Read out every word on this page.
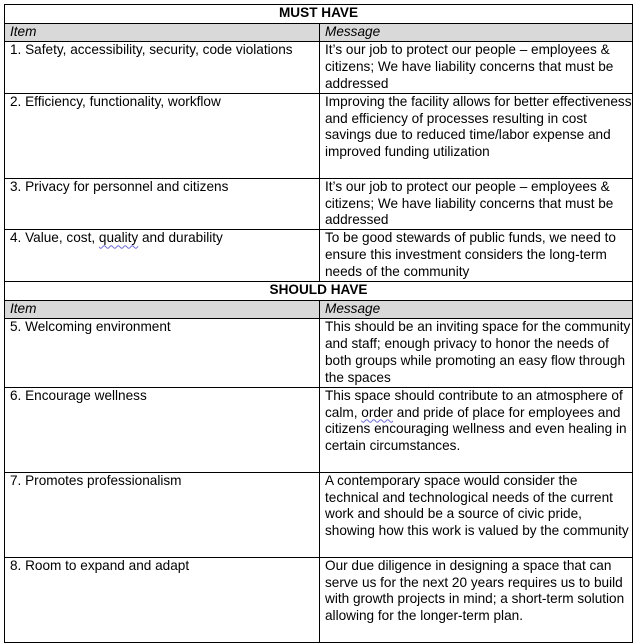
MUST HAVE	
Item	Message
1. Safety, accessibility, security, code violations	It’s our job to protect our people – employees & citizens; We have liability concerns that must be addressed
2. Efficiency, functionality, workflow	Improving the facility allows for better effectiveness and efficiency of processes resulting in cost savings due to reduced time/labor expense and improved funding utilization
3. Privacy for personnel and citizens	It’s our job to protect our people – employees & citizens; We have liability concerns that must be addressed
4. Value, cost, quality and durability	To be good stewards of public funds, we need to ensure this investment considers the long-term needs of the community
SHOULD HAVE	
Item	Message
5. Welcoming environment	This should be an inviting space for the community and staff; enough privacy to honor the needs of both groups while promoting an easy flow through the spaces
6. Encourage wellness	This space should contribute to an atmosphere of calm, order and pride of place for employees and citizens encouraging wellness and even healing in certain circumstances.
7. Promotes professionalism	A contemporary space would consider the technical and technological needs of the current work and should be a source of civic pride, showing how this work is valued by the community
8. Room to expand and adapt	Our due diligence in designing a space that can serve us for the next 20 years requires us to build with growth projects in mind; a short-term solution allowing for the longer-term plan.
